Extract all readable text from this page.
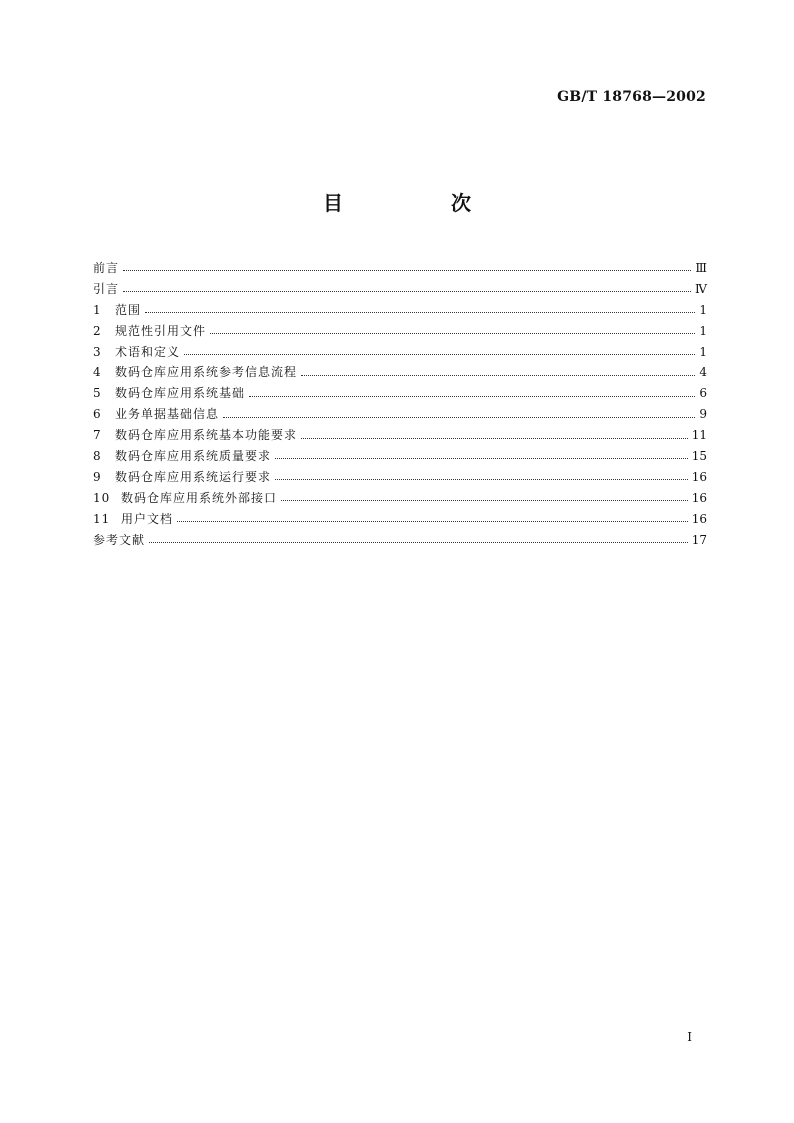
GB/T 18768—2002
目　次
前言	Ⅲ
引言	Ⅳ
1	范围	1
2	规范性引用文件	1
3	术语和定义	1
4	数码仓库应用系统参考信息流程	4
5	数码仓库应用系统基础	6
6	业务单据基础信息	9
7	数码仓库应用系统基本功能要求	11
8	数码仓库应用系统质量要求	15
9	数码仓库应用系统运行要求	16
10 数码仓库应用系统外部接口	16
11 用户文档	16
参考文献	17
I
